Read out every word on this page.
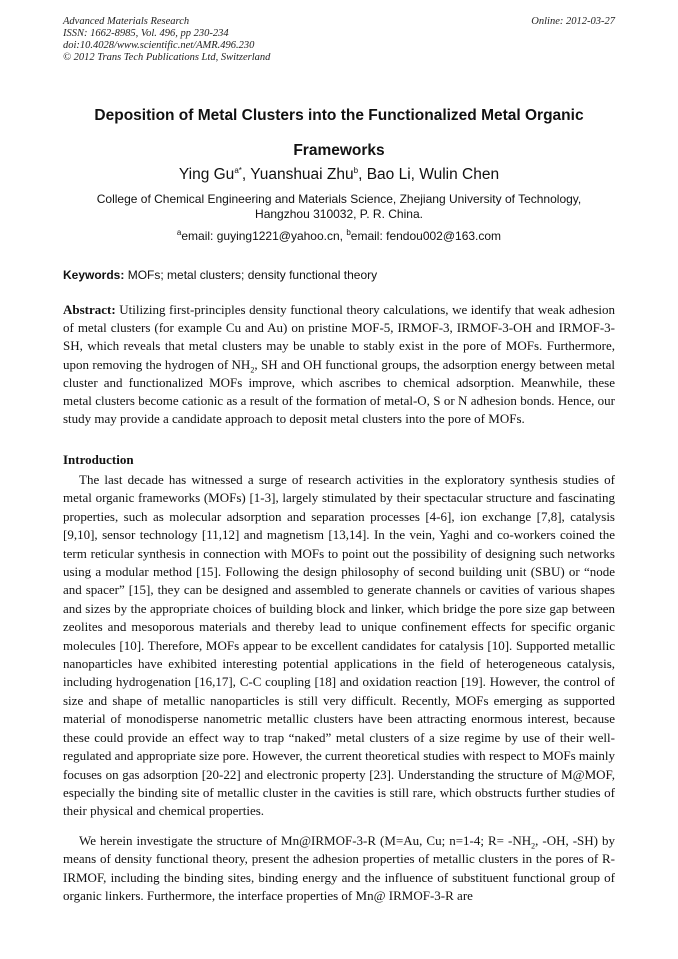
Advanced Materials Research
ISSN: 1662-8985, Vol. 496, pp 230-234
doi:10.4028/www.scientific.net/AMR.496.230
© 2012 Trans Tech Publications Ltd, Switzerland
Online: 2012-03-27
Deposition of Metal Clusters into the Functionalized Metal Organic
Frameworks
Ying $Gu^{a*}$, Yuanshuai Zhu$^b$, Bao Li, Wulin Chen
College of Chemical Engineering and Materials Science, Zhejiang University of Technology,
Hangzhou 310032, P. R. China.
$^a$email: guying1221@yahoo.cn, $^b$email: fendou002@163.com
Keywords: MOFs; metal clusters; density functional theory

Abstract: Utilizing first-principles density functional theory calculations, we identify that weak adhesion of metal clusters (for example Cu and Au) on pristine MOF-5, IRMOF-3, IRMOF-3-OH and IRMOF-3-SH, which reveals that metal clusters may be unable to stably exist in the pore of MOFs. Furthermore, upon removing the hydrogen of $NH_2$, SH and OH functional groups, the adsorption energy between metal cluster and functionalized MOFs improve, which ascribes to chemical adsorption. Meanwhile, these metal clusters become cationic as a result of the formation of metal-O, S or N adhesion bonds. Hence, our study may provide a candidate approach to deposit metal clusters into the pore of MOFs.

Introduction

The last decade has witnessed a surge of research activities in the exploratory synthesis studies of metal organic frameworks (MOFs) [1-3], largely stimulated by their spectacular structure and fascinating properties, such as molecular adsorption and separation processes [4-6], ion exchange [7,8], catalysis [9,10], sensor technology [11,12] and magnetism [13,14]. In the vein, Yaghi and co-workers coined the term reticular synthesis in connection with MOFs to point out the possibility of designing such networks using a modular method [15]. Following the design philosophy of second building unit (SBU) or “node and spacer” [15], they can be designed and assembled to generate channels or cavities of various shapes and sizes by the appropriate choices of building block and linker, which bridge the pore size gap between zeolites and mesoporous materials and thereby lead to unique confinement effects for specific organic molecules [10]. Therefore, MOFs appear to be excellent candidates for catalysis [10]. Supported metallic nanoparticles have exhibited interesting potential applications in the field of heterogeneous catalysis, including hydrogenation [16,17], C-C coupling [18] and oxidation reaction [19]. However, the control of size and shape of metallic nanoparticles is still very difficult. Recently, MOFs emerging as supported material of monodisperse nanometric metallic clusters have been attracting enormous interest, because these could provide an effect way to trap “naked” metal clusters of a size regime by use of their well-regulated and appropriate size pore. However, the current theoretical studies with respect to MOFs mainly focuses on gas adsorption [20-22] and electronic property [23]. Understanding the structure of M@MOF, especially the binding site of metallic cluster in the cavities is still rare, which obstructs further studies of their physical and chemical properties.

We herein investigate the structure of Mn@IRMOF-3-R (M=Au, Cu; n=1-4; $R= -NH_2$, -OH, -SH) by means of density functional theory, present the adhesion properties of metallic clusters in the pores of R-IRMOF, including the binding sites, binding energy and the influence of substituent functional group of organic linkers. Furthermore, the interface properties of Mn@ IRMOF-3-R are
